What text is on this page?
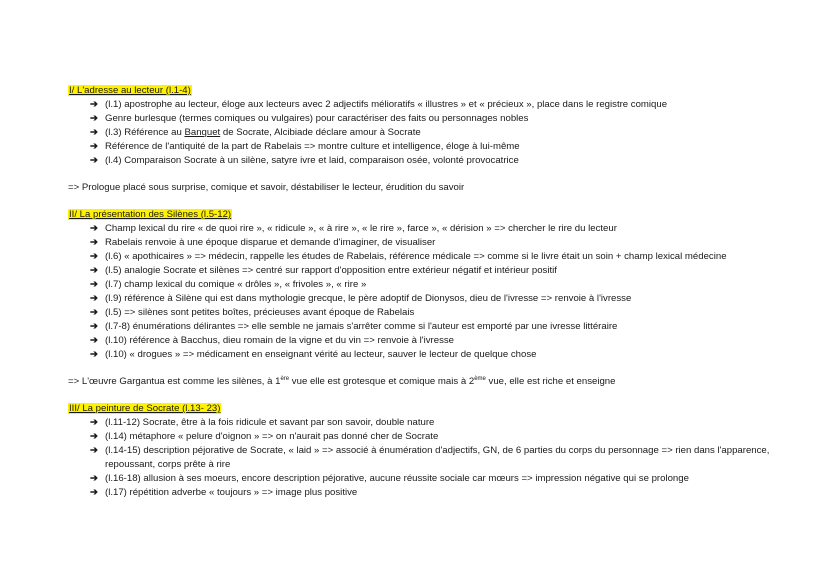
I/ L'adresse au lecteur (l.1-4)

➔ (l.1) apostrophe au lecteur, éloge aux lecteurs avec 2 adjectifs mélioratifs « illustres » et « précieux », place dans le registre comique
➔ Genre burlesque (termes comiques ou vulgaires) pour caractériser des faits ou personnages nobles
➔ (l.3) Référence au Banquet de Socrate, Alcibiade déclare amour à Socrate
➔ Référence de l'antiquité de la part de Rabelais => montre culture et intelligence, éloge à lui-même
➔ (l.4) Comparaison Socrate à un silène, satyre ivre et laid, comparaison osée, volonté provocatrice

=> Prologue placé sous surprise, comique et savoir, déstabiliser le lecteur, érudition du savoir

II/ La présentation des Silènes (l.5-12)

➔ Champ lexical du rire « de quoi rire », « ridicule », « à rire », « le rire », farce », « dérision » => chercher le rire du lecteur
➔ Rabelais renvoie à une époque disparue et demande d'imaginer, de visualiser
➔ (l.6) « apothicaires » => médecin, rappelle les études de Rabelais, référence médicale => comme si le livre était un soin + champ lexical médecine
➔ (l.5) analogie Socrate et silènes => centré sur rapport d'opposition entre extérieur négatif et intérieur positif
➔ (l.7) champ lexical du comique « drôles », « frivoles », « rire »
➔ (l.9) référence à Silène qui est dans mythologie grecque, le père adoptif de Dionysos, dieu de l'ivresse => renvoie à l'ivresse
➔ (l.5) => silènes sont petites boîtes, précieuses avant époque de Rabelais
➔ (l.7-8) énumérations délirantes => elle semble ne jamais s'arrêter comme si l'auteur est emporté par une ivresse littéraire
➔ (l.10) référence à Bacchus, dieu romain de la vigne et du vin => renvoie à l'ivresse
➔ (l.10) « drogues » => médicament en enseignant vérité au lecteur, sauver le lecteur de quelque chose

=> L'œuvre Gargantua est comme les silènes, à 1ère vue elle est grotesque et comique mais à 2ème vue, elle est riche et enseigne

III/ La peinture de Socrate (l.13- 23)

➔ (l.11-12) Socrate, être à la fois ridicule et savant par son savoir, double nature
➔ (l.14) métaphore « pelure d'oignon » => on n'aurait pas donné cher de Socrate
➔ (l.14-15) description péjorative de Socrate, « laid » => associé à énumération d'adjectifs, GN, de 6 parties du corps du personnage => rien dans l'apparence, repoussant, corps prête à rire
➔ (l.16-18) allusion à ses moeurs, encore description péjorative, aucune réussite sociale car mœurs => impression négative qui se prolonge
➔ (l.17) répétition adverbe « toujours » => image plus positive
